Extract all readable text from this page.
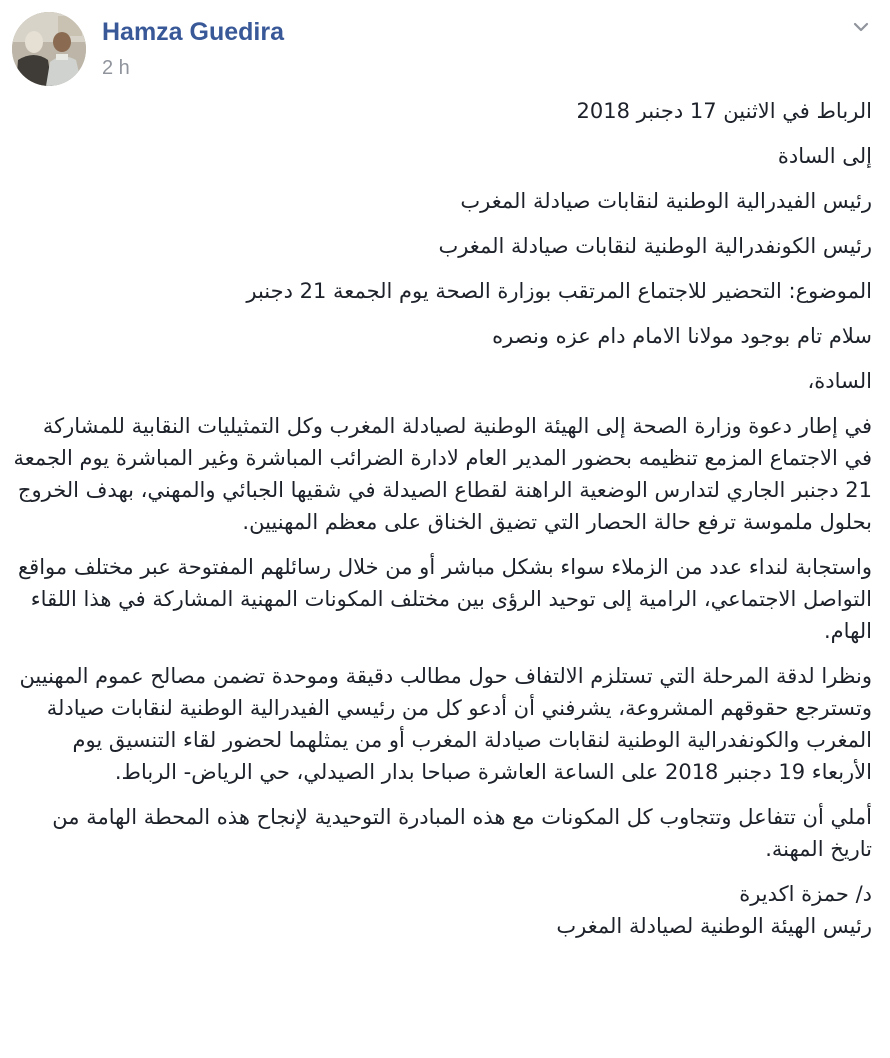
Hamza Guedira
2 h

الرباط في الاثنين 17 دجنبر 2018

إلى السادة

رئيس الفيدرالية الوطنية لنقابات صيادلة المغرب

رئيس الكونفدرالية الوطنية لنقابات صيادلة المغرب

الموضوع: التحضير للاجتماع المرتقب بوزارة الصحة يوم الجمعة 21 دجنبر

سلام تام بوجود مولانا الامام دام عزه ونصره

السادة،

في إطار دعوة وزارة الصحة إلى الهيئة الوطنية لصيادلة المغرب وكل التمثيليات النقابية للمشاركة في الاجتماع المزمع تنظيمه بحضور المدير العام لادارة الضرائب المباشرة وغير المباشرة يوم الجمعة 21 دجنبر الجاري لتدارس الوضعية الراهنة لقطاع الصيدلة في شقيها الجبائي والمهني، بهدف الخروج بحلول ملموسة ترفع حالة الحصار التي تضيق الخناق على معظم المهنيين.

واستجابة لنداء عدد من الزملاء سواء بشكل مباشر أو من خلال رسائلهم المفتوحة عبر مختلف مواقع التواصل الاجتماعي، الرامية إلى توحيد الرؤى بين مختلف المكونات المهنية المشاركة في هذا اللقاء الهام.

ونظرا لدقة المرحلة التي تستلزم الالتفاف حول مطالب دقيقة وموحدة تضمن مصالح عموم المهنيين وتسترجع حقوقهم المشروعة، يشرفني أن أدعو كل من رئيسي الفيدرالية الوطنية لنقابات صيادلة المغرب والكونفدرالية الوطنية لنقابات صيادلة المغرب أو من يمثلهما لحضور لقاء التنسيق يوم الأربعاء 19 دجنبر 2018 على الساعة العاشرة صباحا بدار الصيدلي، حي الرياض- الرباط.

أملي أن تتفاعل وتتجاوب كل المكونات مع هذه المبادرة التوحيدية لإنجاح هذه المحطة الهامة من تاريخ المهنة.

د/ حمزة اكديرة

رئيس الهيئة الوطنية لصيادلة المغرب
